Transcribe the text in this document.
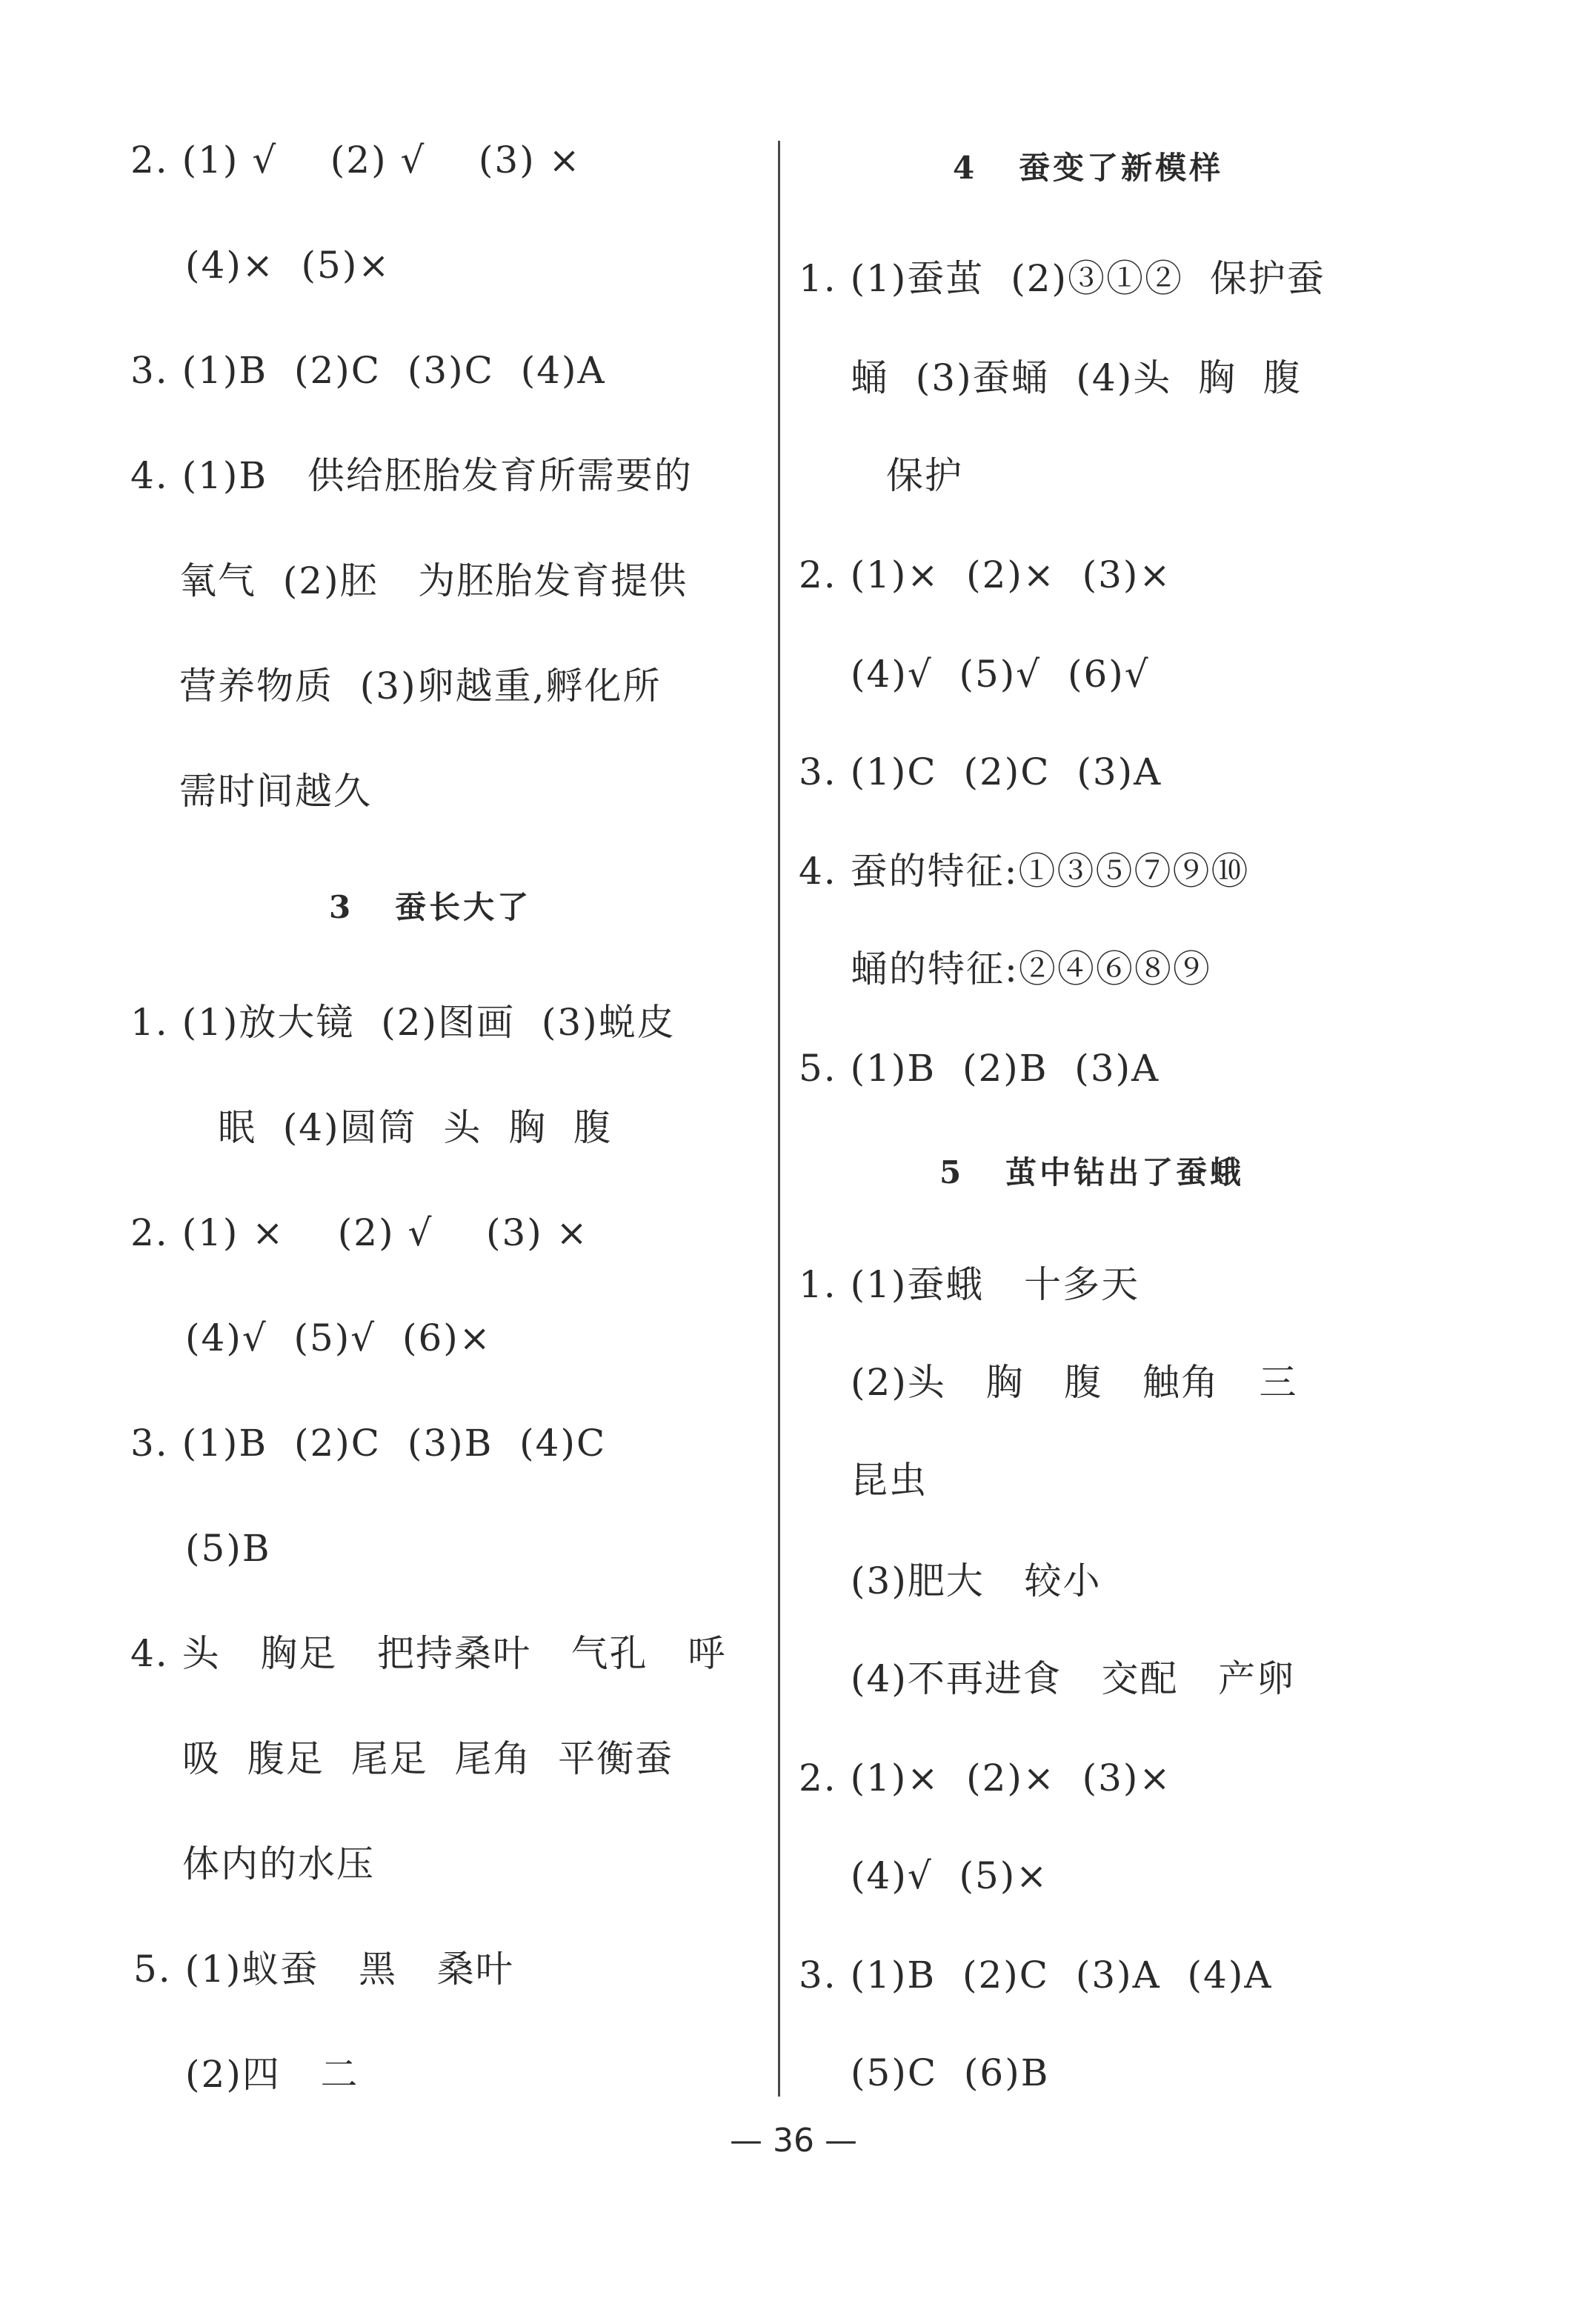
2. (1) √    (2) √    (3) ×
(4)×  (5)×
3. (1)B  (2)C  (3)C  (4)A
4. (1)B   供给胚胎发育所需要的
氧气  (2)胚   为胚胎发育提供
营养物质  (3)卵越重,孵化所
需时间越久
3   蚕长大了
1. (1)放大镜  (2)图画  (3)蜕皮
眠  (4)圆筒  头  胸  腹
2. (1) ×    (2) √    (3) ×
(4)√  (5)√  (6)×
3. (1)B  (2)C  (3)B  (4)C
(5)B
4. 头   胸足   把持桑叶   气孔   呼
吸  腹足  尾足  尾角  平衡蚕
体内的水压
5. (1)蚁蚕   黑   桑叶
(2)四   二
4   蚕变了新模样
1. (1)蚕茧  (2)③①②  保护蚕
蛹  (3)蚕蛹  (4)头  胸  腹
保护
2. (1)×  (2)×  (3)×
(4)√  (5)√  (6)√
3. (1)C  (2)C  (3)A
4. 蚕的特征:①③⑤⑦⑨⑩
蛹的特征:②④⑥⑧⑨
5. (1)B  (2)B  (3)A
5   茧中钻出了蚕蛾
1. (1)蚕蛾   十多天
(2)头   胸   腹   触角   三
昆虫
(3)肥大   较小
(4)不再进食   交配   产卵
2. (1)×  (2)×  (3)×
(4)√  (5)×
3. (1)B  (2)C  (3)A  (4)A
(5)C  (6)B
— 36 —
